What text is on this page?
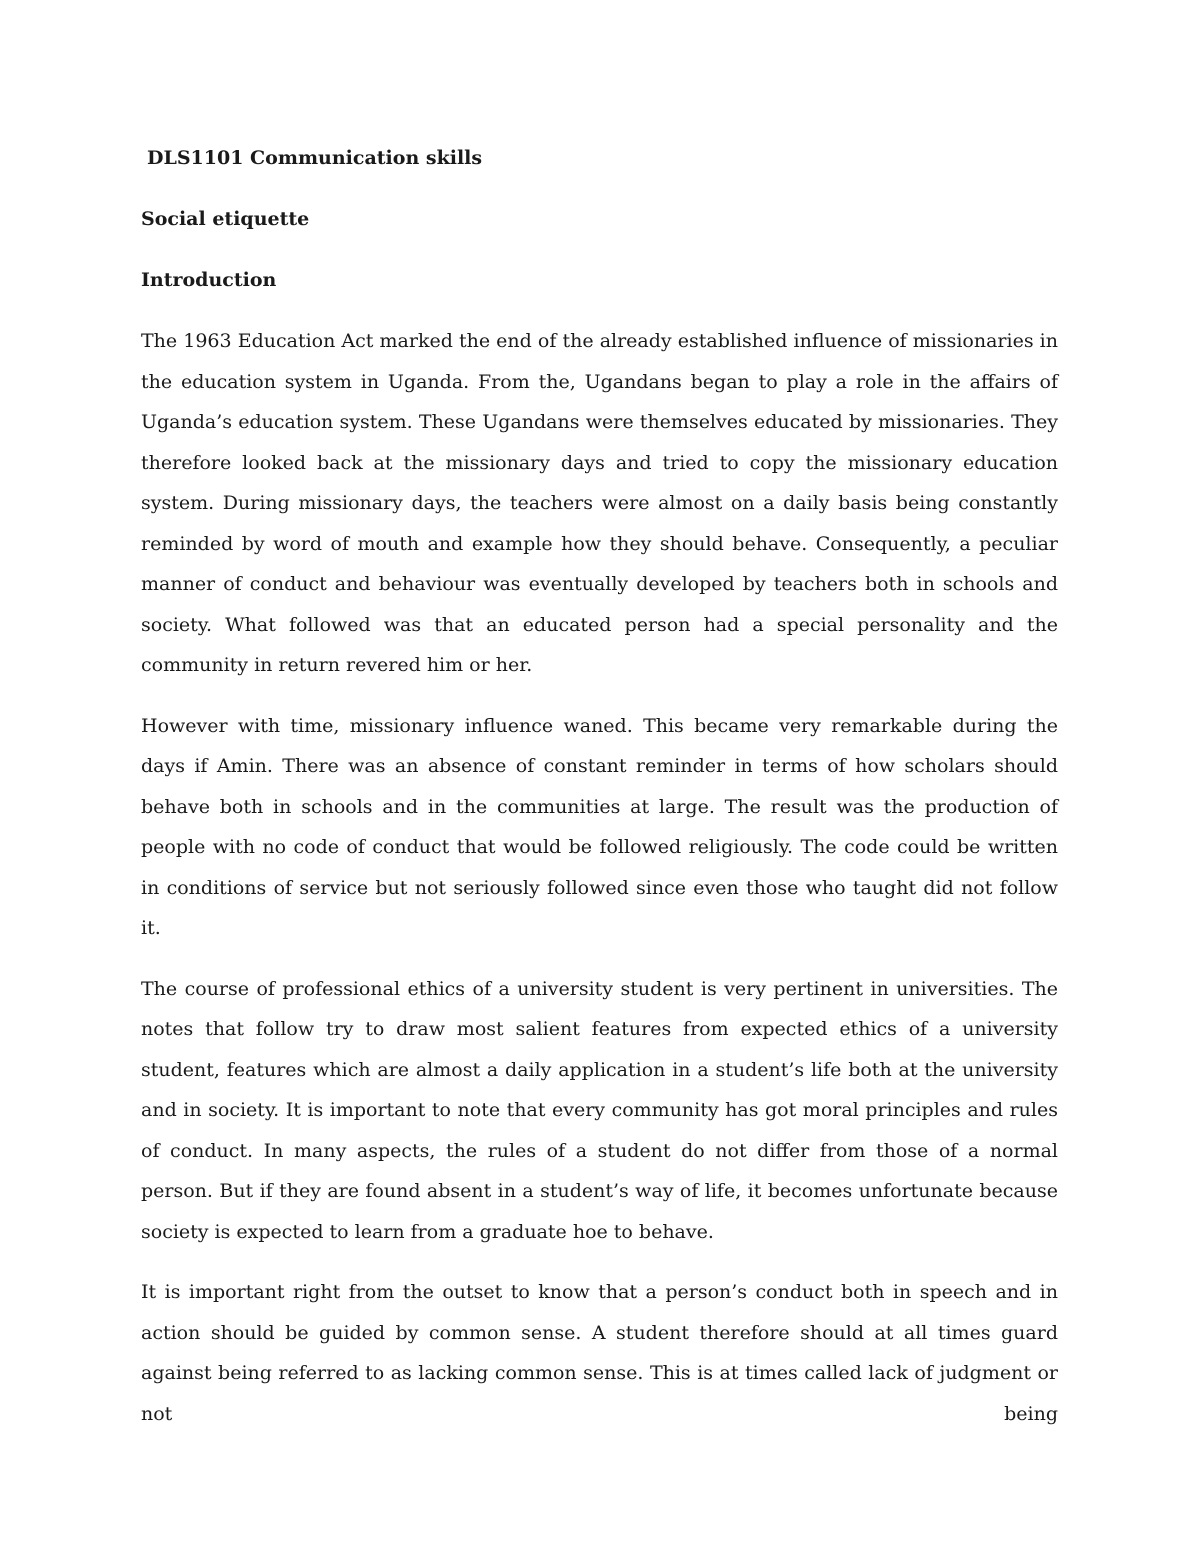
DLS1101 Communication skills
Social etiquette
Introduction

The 1963 Education Act marked the end of the already established influence of missionaries in the education system in Uganda. From the, Ugandans began to play a role in the affairs of Uganda’s education system. These Ugandans were themselves educated by missionaries. They therefore looked back at the missionary days and tried to copy the missionary education system. During missionary days, the teachers were almost on a daily basis being constantly reminded by word of mouth and example how they should behave. Consequently, a peculiar manner of conduct and behaviour was eventually developed by teachers both in schools and society. What followed was that an educated person had a special personality and the community in return revered him or her.

However with time, missionary influence waned. This became very remarkable during the days if Amin. There was an absence of constant reminder in terms of how scholars should behave both in schools and in the communities at large. The result was the production of people with no code of conduct that would be followed religiously. The code could be written in conditions of service but not seriously followed since even those who taught did not follow it.

The course of professional ethics of a university student is very pertinent in universities. The notes that follow try to draw most salient features from expected ethics of a university student, features which are almost a daily application in a student’s life both at the university and in society. It is important to note that every community has got moral principles and rules of conduct. In many aspects, the rules of a student do not differ from those of a normal person. But if they are found absent in a student’s way of life, it becomes unfortunate because society is expected to learn from a graduate hoe to behave.

It is important right from the outset to know that a person’s conduct both in speech and in action should be guided by common sense. A student therefore should at all times guard against being referred to as lacking common sense. This is at times called lack of judgment or not being
